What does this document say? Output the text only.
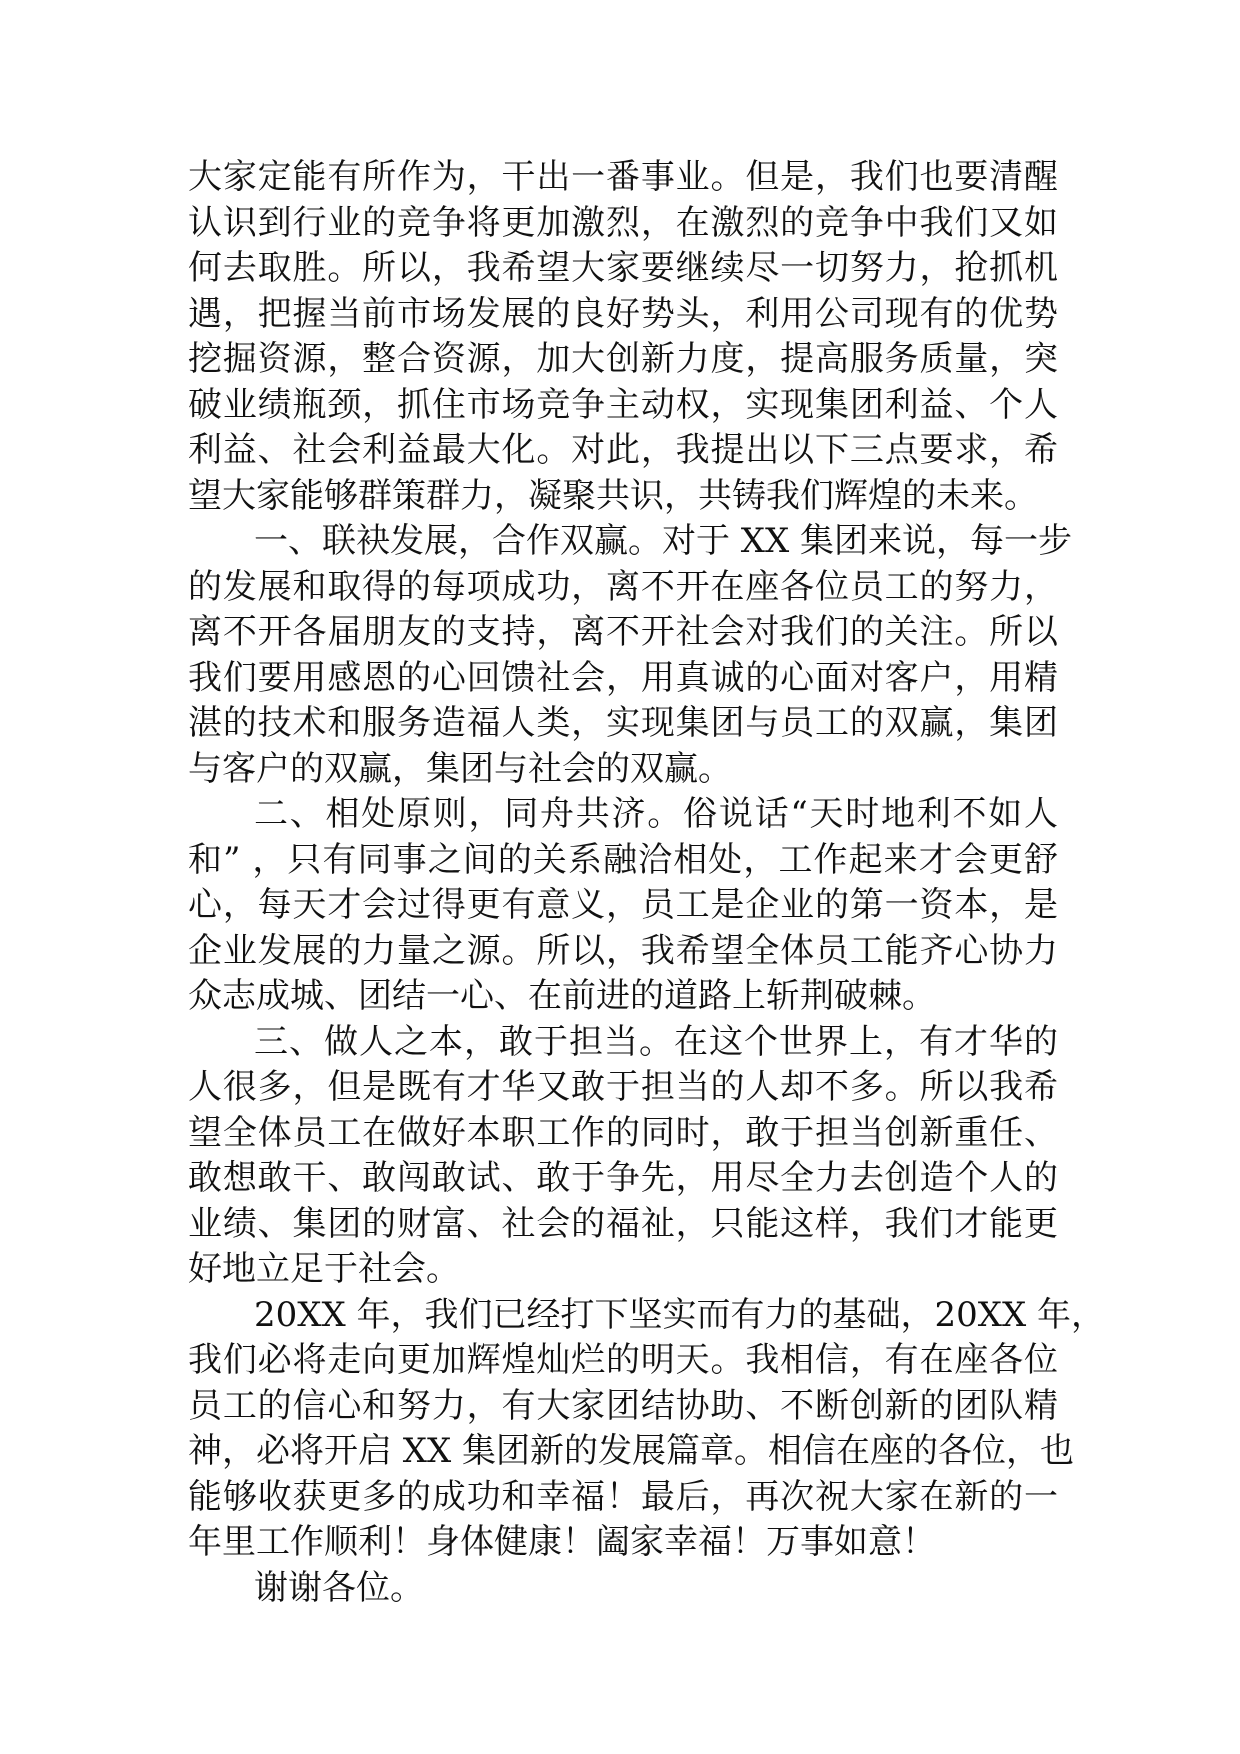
大家定能有所作为，干出一番事业。但是，我们也要清醒
认识到行业的竞争将更加激烈，在激烈的竞争中我们又如
何去取胜。所以，我希望大家要继续尽一切努力，抢抓机
遇，把握当前市场发展的良好势头，利用公司现有的优势
挖掘资源，整合资源，加大创新力度，提高服务质量，突
破业绩瓶颈，抓住市场竞争主动权，实现集团利益、个人
利益、社会利益最大化。对此，我提出以下三点要求，希
望大家能够群策群力，凝聚共识，共铸我们辉煌的未来。
一、联袂发展，合作双赢。对于 XX 集团来说，每一步
的发展和取得的每项成功，离不开在座各位员工的努力，
离不开各届朋友的支持，离不开社会对我们的关注。所以
我们要用感恩的心回馈社会，用真诚的心面对客户，用精
湛的技术和服务造福人类，实现集团与员工的双赢，集团
与客户的双赢，集团与社会的双赢。
二、相处原则，同舟共济。俗说话“天时地利不如人
和” ，只有同事之间的关系融洽相处，工作起来才会更舒
心，每天才会过得更有意义，员工是企业的第一资本，是
企业发展的力量之源。所以，我希望全体员工能齐心协力
众志成城、团结一心、在前进的道路上斩荆破棘。
三、做人之本，敢于担当。在这个世界上，有才华的
人很多，但是既有才华又敢于担当的人却不多。所以我希
望全体员工在做好本职工作的同时，敢于担当创新重任、
敢想敢干、敢闯敢试、敢于争先，用尽全力去创造个人的
业绩、集团的财富、社会的福祉，只能这样，我们才能更
好地立足于社会。
20XX 年，我们已经打下坚实而有力的基础，20XX 年，
我们必将走向更加辉煌灿烂的明天。我相信，有在座各位
员工的信心和努力，有大家团结协助、不断创新的团队精
神，必将开启 XX 集团新的发展篇章。相信在座的各位，也
能够收获更多的成功和幸福！最后，再次祝大家在新的一
年里工作顺利！身体健康！阖家幸福！万事如意！
谢谢各位。
